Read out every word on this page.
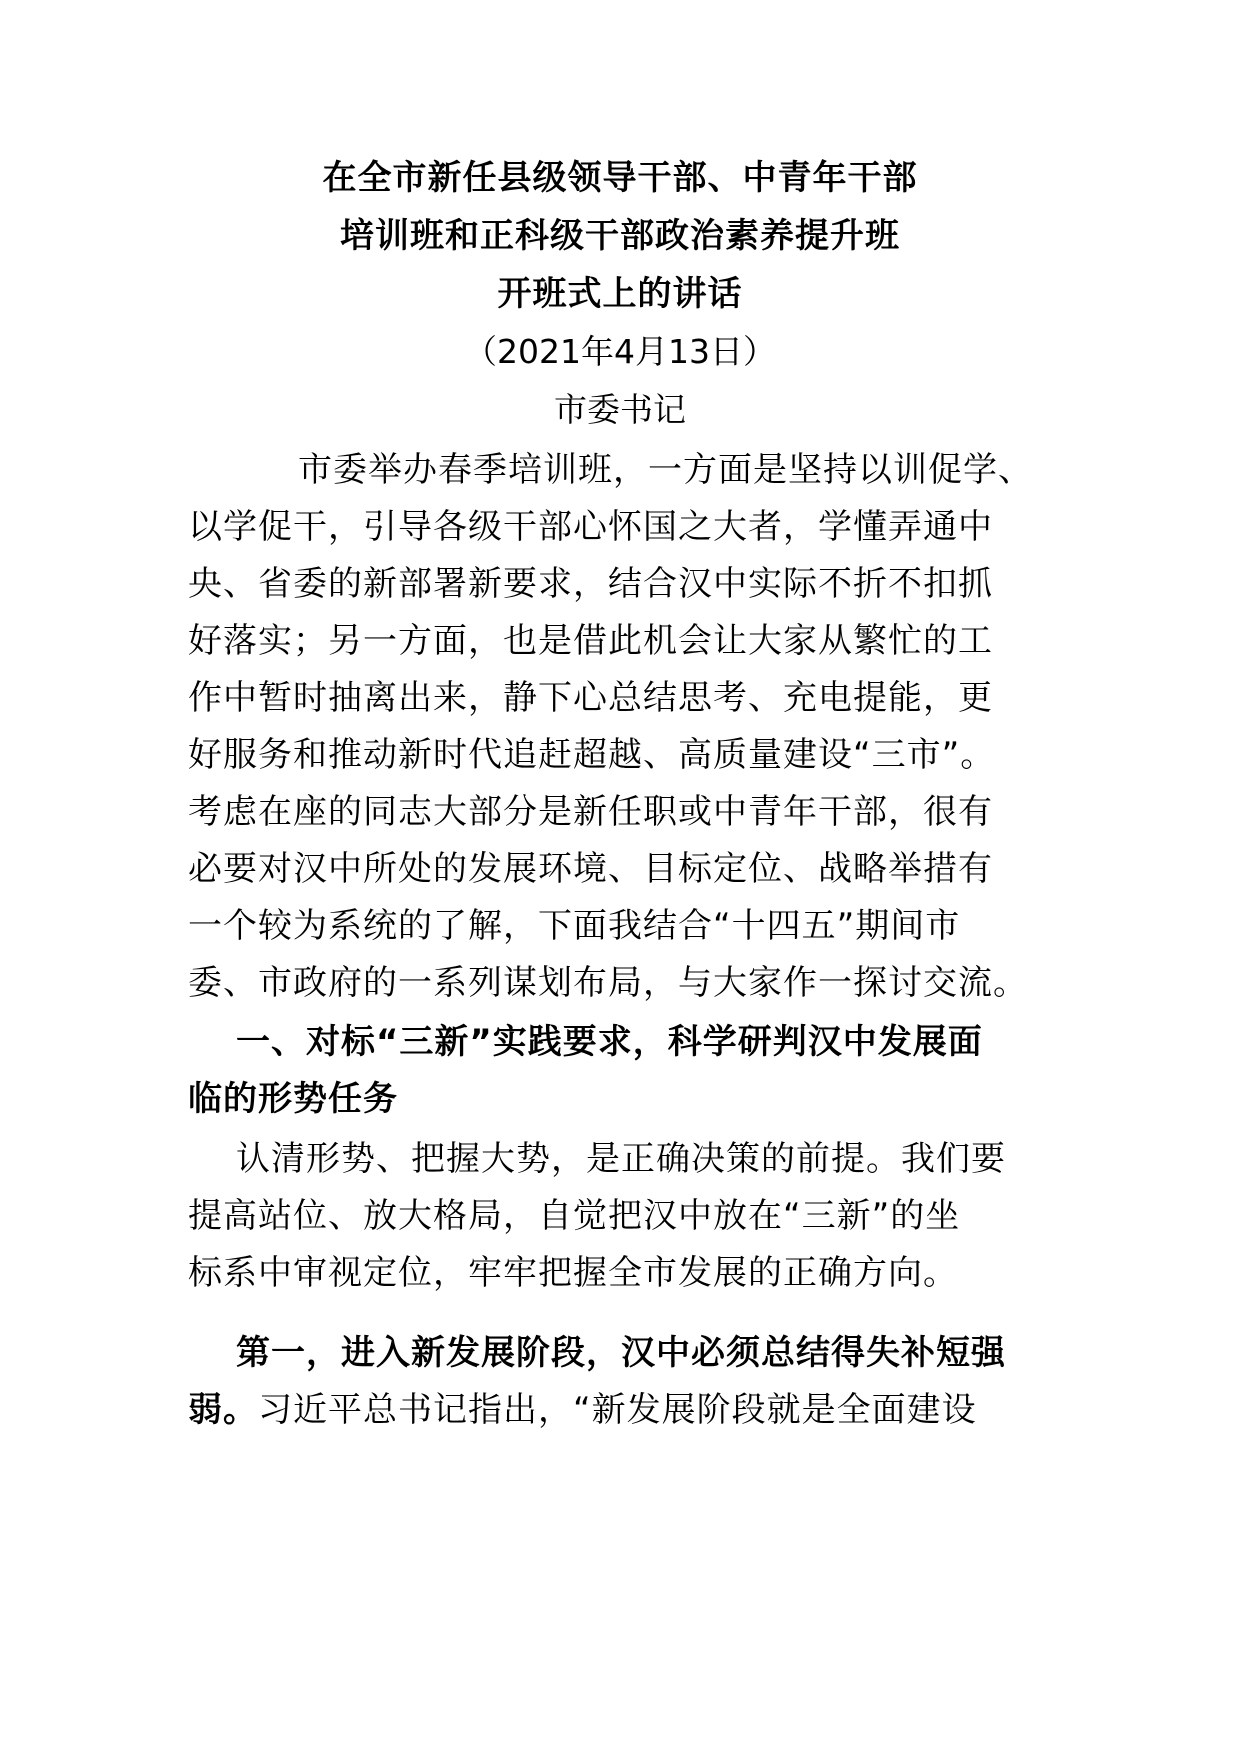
在全市新任县级领导干部、中青年干部
培训班和正科级干部政治素养提升班
开班式上的讲话
（2021年4月13日）
市委书记
市委举办春季培训班，一方面是坚持以训促学、
以学促干，引导各级干部心怀国之大者，学懂弄通中
央、省委的新部署新要求，结合汉中实际不折不扣抓
好落实；另一方面，也是借此机会让大家从繁忙的工
作中暂时抽离出来，静下心总结思考、充电提能，更
好服务和推动新时代追赶超越、高质量建设“三市”。
考虑在座的同志大部分是新任职或中青年干部，很有
必要对汉中所处的发展环境、目标定位、战略举措有
一个较为系统的了解，下面我结合“十四五”期间市
委、市政府的一系列谋划布局，与大家作一探讨交流。
一、对标“三新”实践要求，科学研判汉中发展面
临的形势任务
认清形势、把握大势，是正确决策的前提。我们要
提高站位、放大格局，自觉把汉中放在“三新”的坐
标系中审视定位，牢牢把握全市发展的正确方向。
第一，进入新发展阶段，汉中必须总结得失补短强
弱。习近平总书记指出，“新发展阶段就是全面建设
